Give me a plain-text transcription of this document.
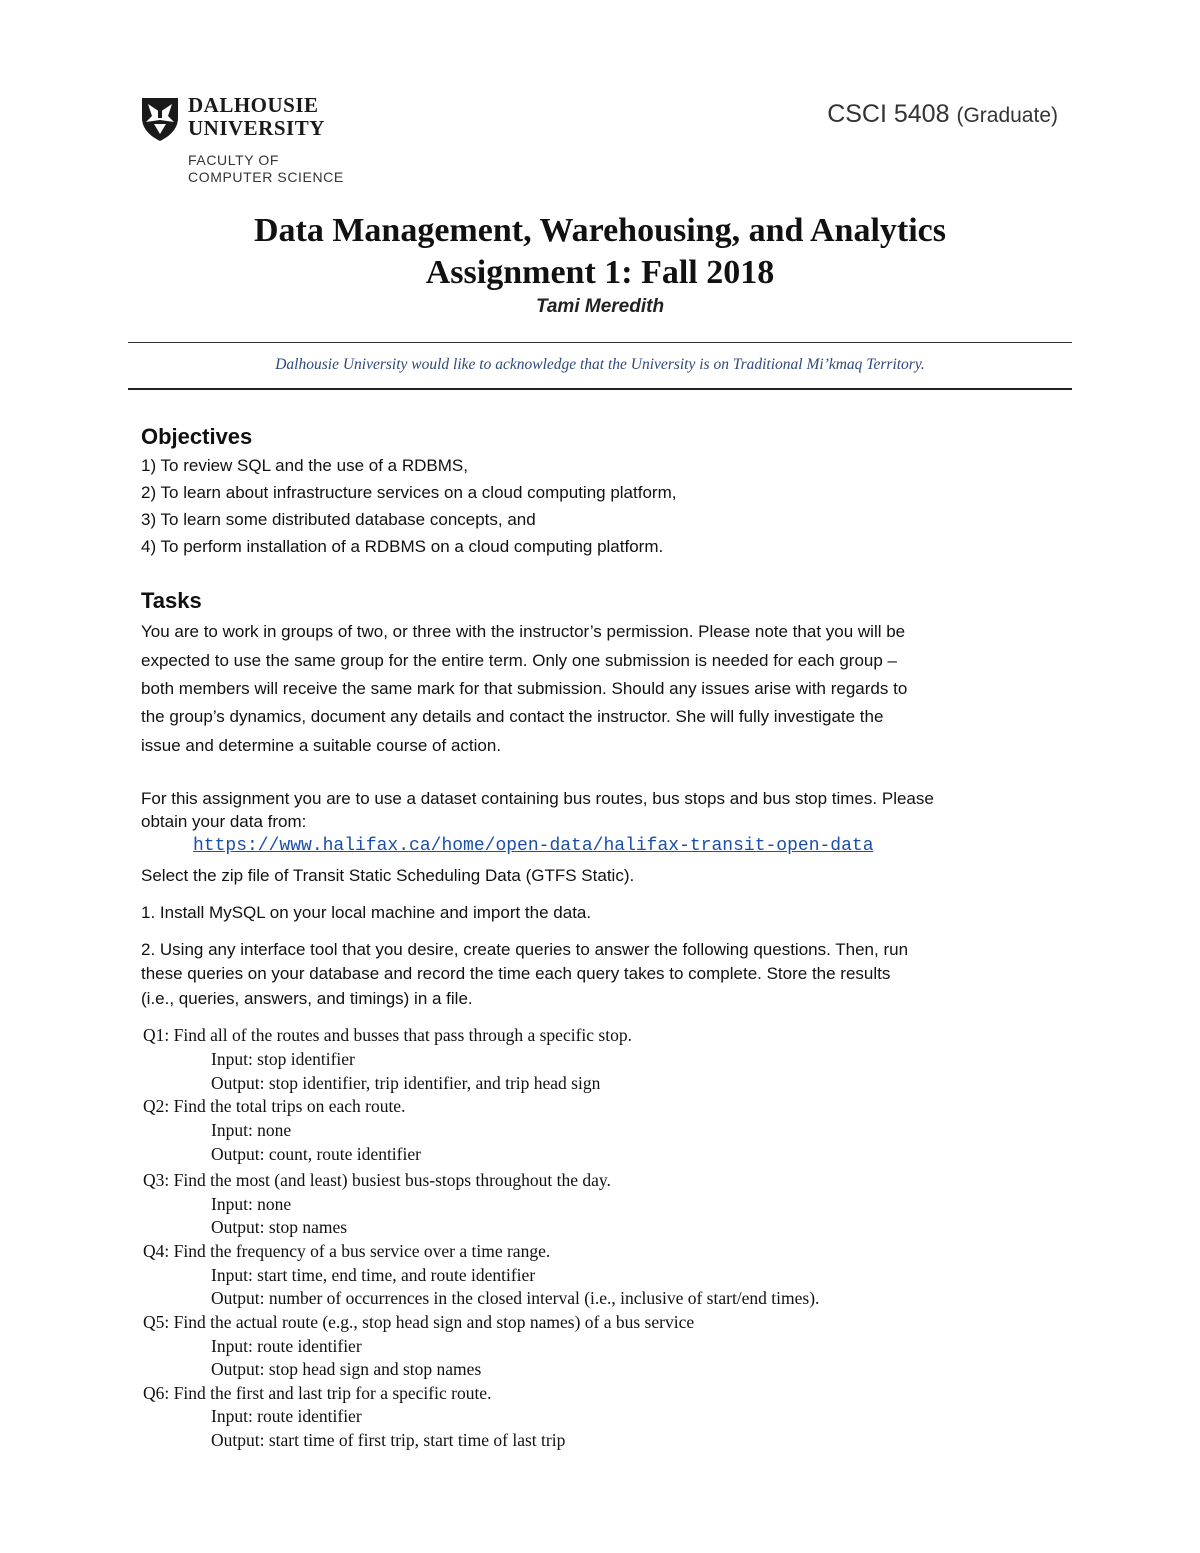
DALHOUSIE
UNIVERSITY
FACULTY OF
COMPUTER SCIENCE
CSCI 5408 (Graduate)
Data Management, Warehousing, and Analytics
Assignment 1: Fall 2018
Tami Meredith
Dalhousie University would like to acknowledge that the University is on Traditional Mi’kmaq Territory.
Objectives
1) To review SQL and the use of a RDBMS,
2) To learn about infrastructure services on a cloud computing platform,
3) To learn some distributed database concepts, and
4) To perform installation of a RDBMS on a cloud computing platform.
Tasks
You are to work in groups of two, or three with the instructor’s permission. Please note that you will be
expected to use the same group for the entire term. Only one submission is needed for each group –
both members will receive the same mark for that submission. Should any issues arise with regards to
the group’s dynamics, document any details and contact the instructor. She will fully investigate the
issue and determine a suitable course of action.
For this assignment you are to use a dataset containing bus routes, bus stops and bus stop times. Please
obtain your data from:
https://www.halifax.ca/home/open-data/halifax-transit-open-data
Select the zip file of Transit Static Scheduling Data (GTFS Static).
1. Install MySQL on your local machine and import the data.
2. Using any interface tool that you desire, create queries to answer the following questions. Then, run
these queries on your database and record the time each query takes to complete. Store the results
(i.e., queries, answers, and timings) in a file.
Q1: Find all of the routes and busses that pass through a specific stop.
Input: stop identifier
Output: stop identifier, trip identifier, and trip head sign
Q2: Find the total trips on each route.
Input: none
Output: count, route identifier
Q3: Find the most (and least) busiest bus-stops throughout the day.
Input: none
Output: stop names
Q4: Find the frequency of a bus service over a time range.
Input: start time, end time, and route identifier
Output: number of occurrences in the closed interval (i.e., inclusive of start/end times).
Q5: Find the actual route (e.g., stop head sign and stop names) of a bus service
Input: route identifier
Output: stop head sign and stop names
Q6: Find the first and last trip for a specific route.
Input: route identifier
Output: start time of first trip, start time of last trip
